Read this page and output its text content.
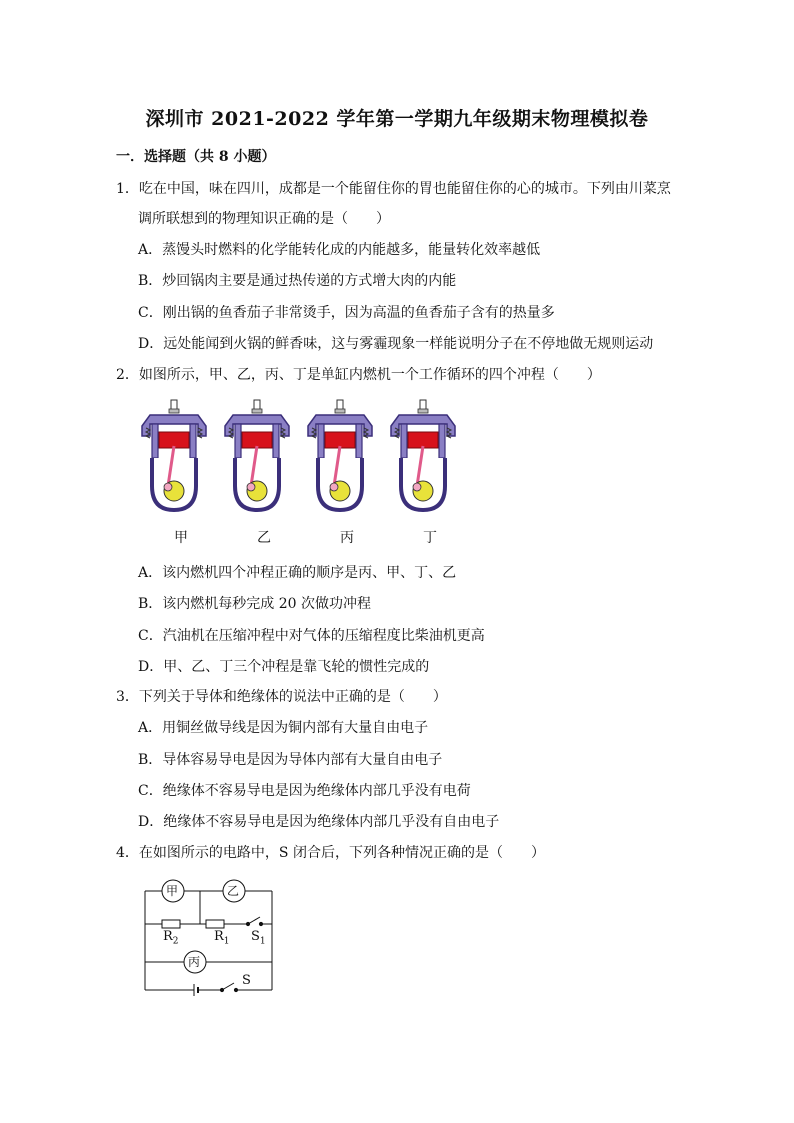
深圳市 2021-2022 学年第一学期九年级期末物理模拟卷
一．选择题（共 8 小题）
1．吃在中国，味在四川，成都是一个能留住你的胃也能留住你的心的城市。下列由川菜烹
调所联想到的物理知识正确的是（　　）
A．蒸馒头时燃料的化学能转化成的内能越多，能量转化效率越低
B．炒回锅肉主要是通过热传递的方式增大肉的内能
C．刚出锅的鱼香茄子非常烫手，因为高温的鱼香茄子含有的热量多
D．远处能闻到火锅的鲜香味，这与雾霾现象一样能说明分子在不停地做无规则运动
2．如图所示，甲、乙，丙、丁是单缸内燃机一个工作循环的四个冲程（　　）
甲	乙	丙	丁
A．该内燃机四个冲程正确的顺序是丙、甲、丁、乙
B．该内燃机每秒完成 20 次做功冲程
C．汽油机在压缩冲程中对气体的压缩程度比柴油机更高
D．甲、乙、丁三个冲程是靠飞轮的惯性完成的
3．下列关于导体和绝缘体的说法中正确的是（　　）
A．用铜丝做导线是因为铜内部有大量自由电子
B．导体容易导电是因为导体内部有大量自由电子
C．绝缘体不容易导电是因为绝缘体内部几乎没有电荷
D．绝缘体不容易导电是因为绝缘体内部几乎没有自由电子
4．在如图所示的电路中，S 闭合后，下列各种情况正确的是（　　）
甲	乙
丙
$R_2$	$R_1$ $S_1$
S
